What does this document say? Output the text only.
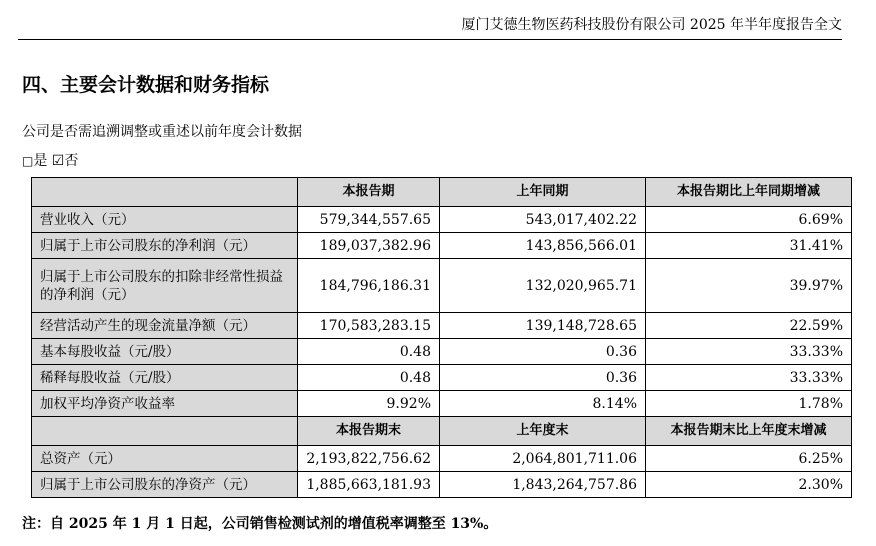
厦门艾德生物医药科技股份有限公司 2025 年半年度报告全文
四、主要会计数据和财务指标
公司是否需追溯调整或重述以前年度会计数据
□是 ☑否
	本报告期	上年同期	本报告期比上年同期增减
营业收入（元）	579,344,557.65	543,017,402.22	6.69%
归属于上市公司股东的净利润（元）	189,037,382.96	143,856,566.01	31.41%
归属于上市公司股东的扣除非经常性损益的净利润（元）	184,796,186.31	132,020,965.71	39.97%
经营活动产生的现金流量净额（元）	170,583,283.15	139,148,728.65	22.59%
基本每股收益（元/股）	0.48	0.36	33.33%
稀释每股收益（元/股）	0.48	0.36	33.33%
加权平均净资产收益率	9.92%	8.14%	1.78%
	本报告期末	上年度末	本报告期末比上年度末增减
总资产（元）	2,193,822,756.62	2,064,801,711.06	6.25%
归属于上市公司股东的净资产（元）	1,885,663,181.93	1,843,264,757.86	2.30%
注：自 2025 年 1 月 1 日起，公司销售检测试剂的增值税率调整至 13%。
